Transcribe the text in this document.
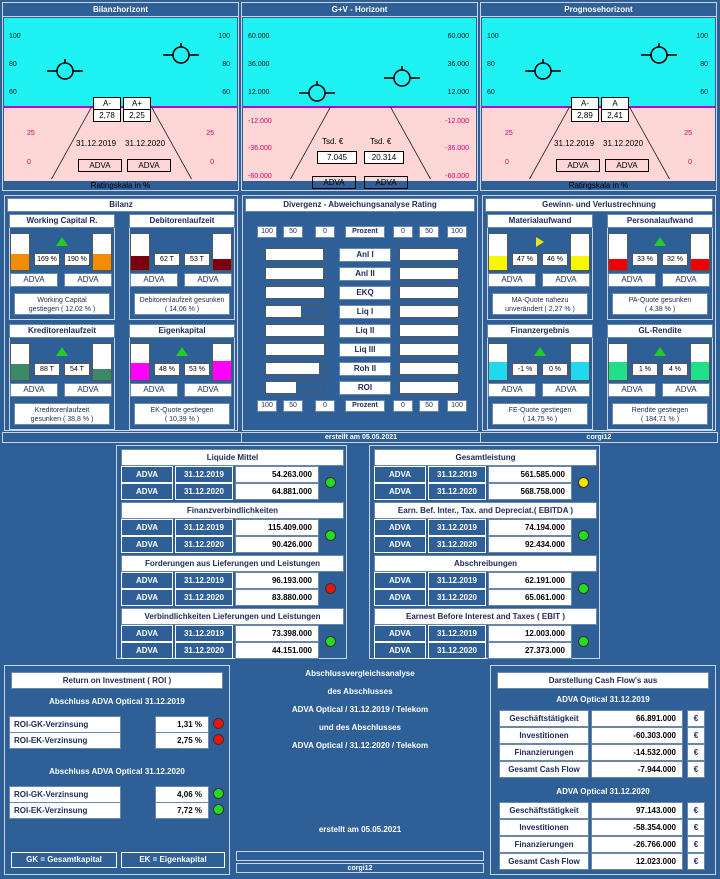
Bilanzhorizont
100	100
80	80
60	60
25	25
0	0
A-	A+
2,78	2,25
31.12.2019 31.12.2020
Ratingskala in %
ADVA	ADVA
G+V - Horizont
60.000	60.000
36.000	36.000
12.000	12.000
-12.000	-12.000
-36.000	-36.000
-60.000	-60.000
Tsd. €	Tsd. €
7.045	20.314
ADVA	ADVA
Prognosehorizont
100	100
80	80
60	60
25	25
0	0
A-	A
2,89	2,41
31.12.2019 31.12.2020
Ratingskala in %
ADVA	ADVA
Bilanz
Working Capital R.
169 %	190 %
ADVA	ADVA
Working Capital
gestiegen ( 12,02 % )
Debitorenlaufzeit
62 T	53 T
ADVA	ADVA
Debitorenlaufzeit gesunken
( 14,06 % )
Kreditorenlaufzeit
88 T	54 T
ADVA	ADVA
Kreditorenlaufzeit
gesunken ( 38,8 % )
Eigenkapital
48 %	53 %
ADVA	ADVA
EK-Quote gestiegen
( 10,39 % )
Divergenz - Abweichungsanalyse Rating
100	50	0	Prozent	0	50	100
100	50	0	Prozent	0	50	100
Anl I
Anl II
EKQ
Liq I
Liq II
Liq III
Roh II
ROI
Gewinn- und Verlustrechnung
Materialaufwand
47 %	46 %
ADVA	ADVA
MA-Quote nahezu
unverändert ( 2,27 % )
Personalaufwand
33 %	32 %
ADVA	ADVA
PA-Quote gesunken
( 4,38 % )
Finanzergebnis
-1 %	0 %
ADVA	ADVA
FE-Quote gestiegen
( 14,75 % )
GL-Rendite
1 %	4 %
ADVA	ADVA
Rendite gestiegen
( 184,71 % )
erstellt am 05.05.2021	corgi12
Liquide Mittel
ADVA	31.12.2019	54.263.000
ADVA	31.12.2020	64.881.000
Finanzverbindlichkeiten
ADVA	31.12.2019	115.409.000
ADVA	31.12.2020	90.426.000
Forderungen aus Lieferungen und Leistungen
ADVA	31.12.2019	96.193.000
ADVA	31.12.2020	83.880.000
Verbindlichkeiten Lieferungen und Leistungen
ADVA	31.12.2019	73.398.000
ADVA	31.12.2020	44.151.000
Gesamtleistung
ADVA	31.12.2019	561.585.000
ADVA	31.12.2020	568.758.000
Earn. Bef. Inter., Tax. and Depreciat.( EBITDA )
ADVA	31.12.2019	74.194.000
ADVA	31.12.2020	92.434.000
Abschreibungen
ADVA	31.12.2019	62.191.000
ADVA	31.12.2020	65.061.000
Earnest Before Interest and Taxes ( EBIT )
ADVA	31.12.2019	12.003.000
ADVA	31.12.2020	27.373.000
Return on Investment ( ROI )
Abschluss ADVA Optical 31.12.2019
ROI-GK-Verzinsung	1,31 %
ROI-EK-Verzinsung	2,75 %
Abschluss ADVA Optical 31.12.2020
ROI-GK-Verzinsung	4,06 %
ROI-EK-Verzinsung	7,72 %
GK = Gesamtkapital	EK = Eigenkapital
Abschlussvergleichsanalyse
des Abschlusses
ADVA Optical / 31.12.2019 / Telekom
und des Abschlusses
ADVA Optical / 31.12.2020 / Telekom
erstellt am 05.05.2021
corgi12
Darstellung Cash Flow's aus
ADVA Optical 31.12.2019
Geschäftstätigkeit	66.891.000	€
Investitionen	-60.303.000	€
Finanzierungen	-14.532.000	€
Gesamt Cash Flow	-7.944.000	€
ADVA Optical 31.12.2020
Geschäftstätigkeit	97.143.000	€
Investitionen	-58.354.000	€
Finanzierungen	-26.766.000	€
Gesamt Cash Flow	12.023.000	€
